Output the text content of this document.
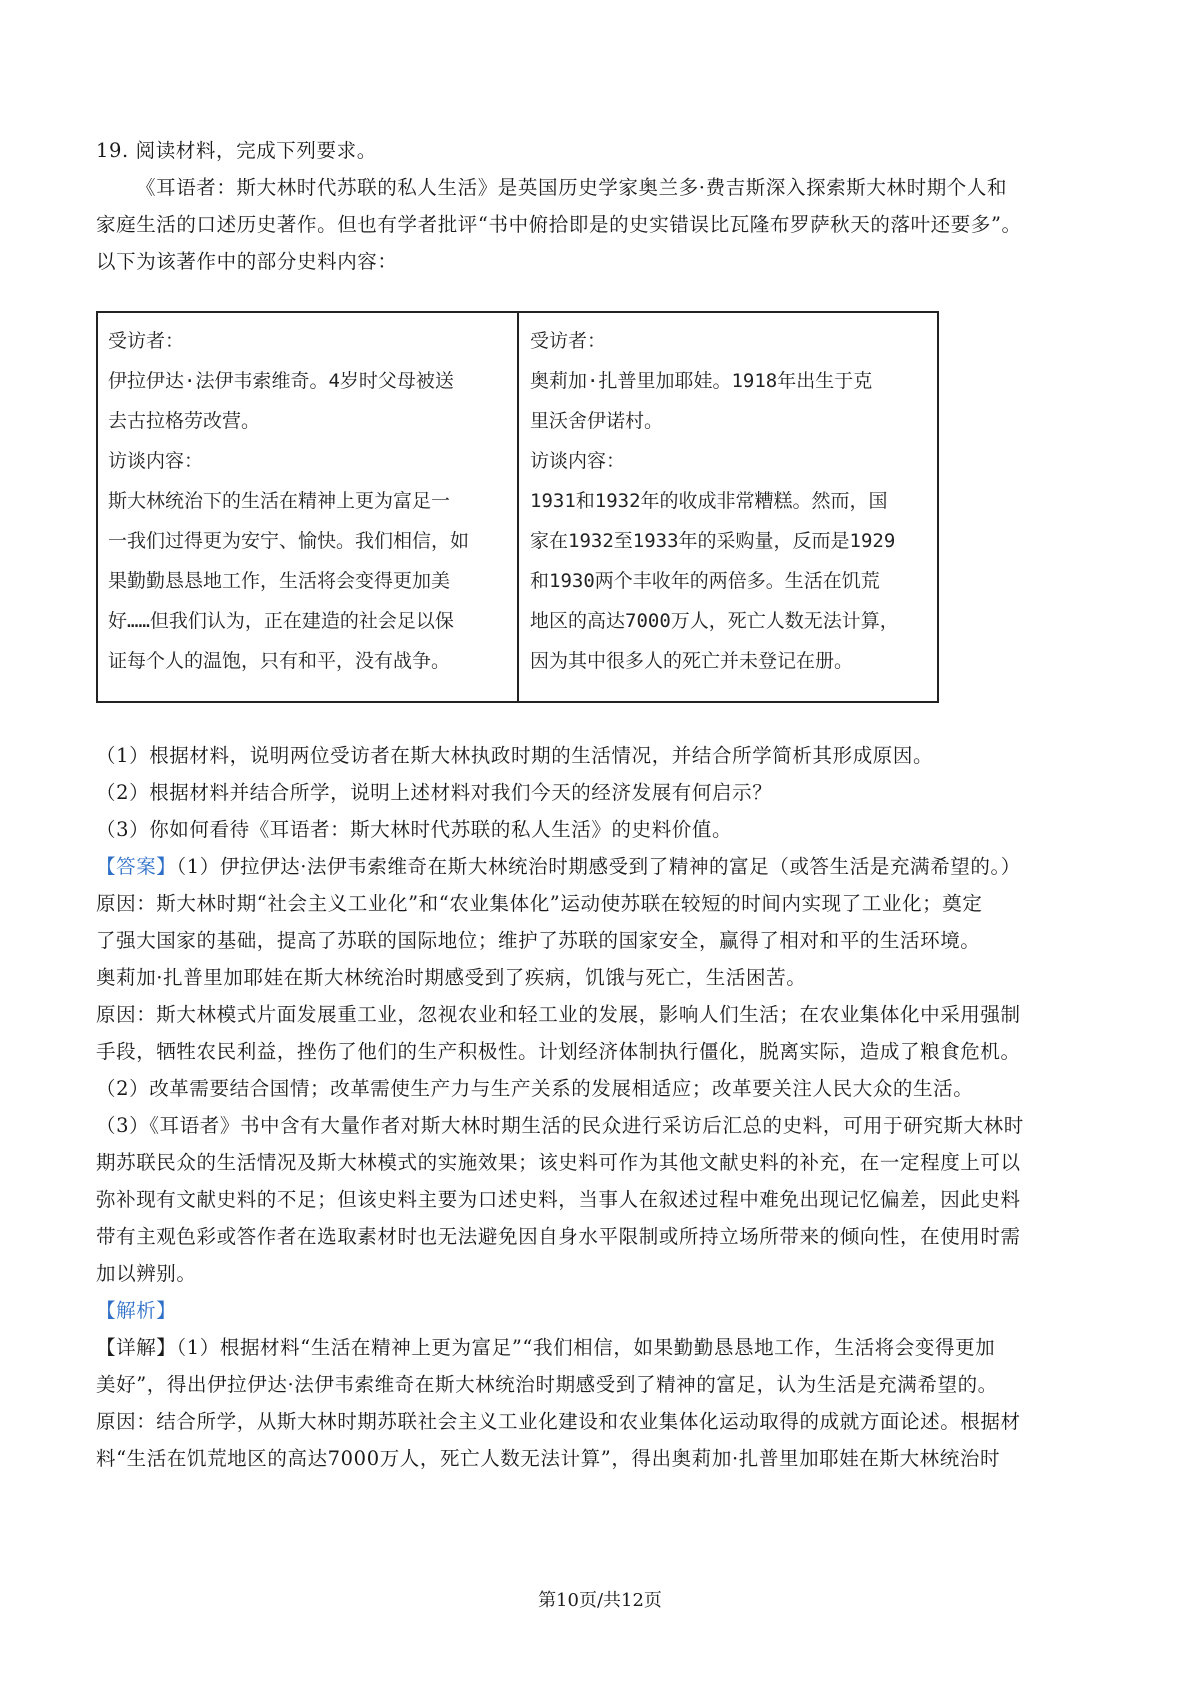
19. 阅读材料，完成下列要求。
《耳语者：斯大林时代苏联的私人生活》是英国历史学家奥兰多·费吉斯深入探索斯大林时期个人和
家庭生活的口述历史著作。但也有学者批评“书中俯拾即是的史实错误比瓦隆布罗萨秋天的落叶还要多”。
以下为该著作中的部分史料内容：
受访者：
伊拉伊达·法伊韦索维奇。4岁时父母被送
去古拉格劳改营。
访谈内容：
斯大林统治下的生活在精神上更为富足一
一我们过得更为安宁、愉快。我们相信，如
果勤勤恳恳地工作，生活将会变得更加美
好……但我们认为，正在建造的社会足以保
证每个人的温饱，只有和平，没有战争。
受访者：
奥莉加·扎普里加耶娃。1918年出生于克
里沃舍伊诺村。
访谈内容：
1931和1932年的收成非常糟糕。然而，国
家在1932至1933年的采购量，反而是1929
和1930两个丰收年的两倍多。生活在饥荒
地区的高达7000万人，死亡人数无法计算，
因为其中很多人的死亡并未登记在册。
（1）根据材料，说明两位受访者在斯大林执政时期的生活情况，并结合所学简析其形成原因。
（2）根据材料并结合所学，说明上述材料对我们今天的经济发展有何启示？
（3）你如何看待《耳语者：斯大林时代苏联的私人生活》的史料价值。
【答案】（1）伊拉伊达·法伊韦索维奇在斯大林统治时期感受到了精神的富足（或答生活是充满希望的。）
原因：斯大林时期“社会主义工业化”和“农业集体化”运动使苏联在较短的时间内实现了工业化；奠定
了强大国家的基础，提高了苏联的国际地位；维护了苏联的国家安全，赢得了相对和平的生活环境。
奥莉加·扎普里加耶娃在斯大林统治时期感受到了疾病，饥饿与死亡，生活困苦。
原因：斯大林模式片面发展重工业，忽视农业和轻工业的发展，影响人们生活；在农业集体化中采用强制
手段，牺牲农民利益，挫伤了他们的生产积极性。计划经济体制执行僵化，脱离实际，造成了粮食危机。
（2）改革需要结合国情；改革需使生产力与生产关系的发展相适应；改革要关注人民大众的生活。
（3）《耳语者》书中含有大量作者对斯大林时期生活的民众进行采访后汇总的史料，可用于研究斯大林时
期苏联民众的生活情况及斯大林模式的实施效果；该史料可作为其他文献史料的补充，在一定程度上可以
弥补现有文献史料的不足；但该史料主要为口述史料，当事人在叙述过程中难免出现记忆偏差，因此史料
带有主观色彩或答作者在选取素材时也无法避免因自身水平限制或所持立场所带来的倾向性，在使用时需
加以辨别。
【解析】
【详解】（1）根据材料“生活在精神上更为富足”“我们相信，如果勤勤恳恳地工作，生活将会变得更加
美好”，得出伊拉伊达·法伊韦索维奇在斯大林统治时期感受到了精神的富足，认为生活是充满希望的。
原因：结合所学，从斯大林时期苏联社会主义工业化建设和农业集体化运动取得的成就方面论述。根据材
料“生活在饥荒地区的高达7000万人，死亡人数无法计算”，得出奥莉加·扎普里加耶娃在斯大林统治时
第10页/共12页
